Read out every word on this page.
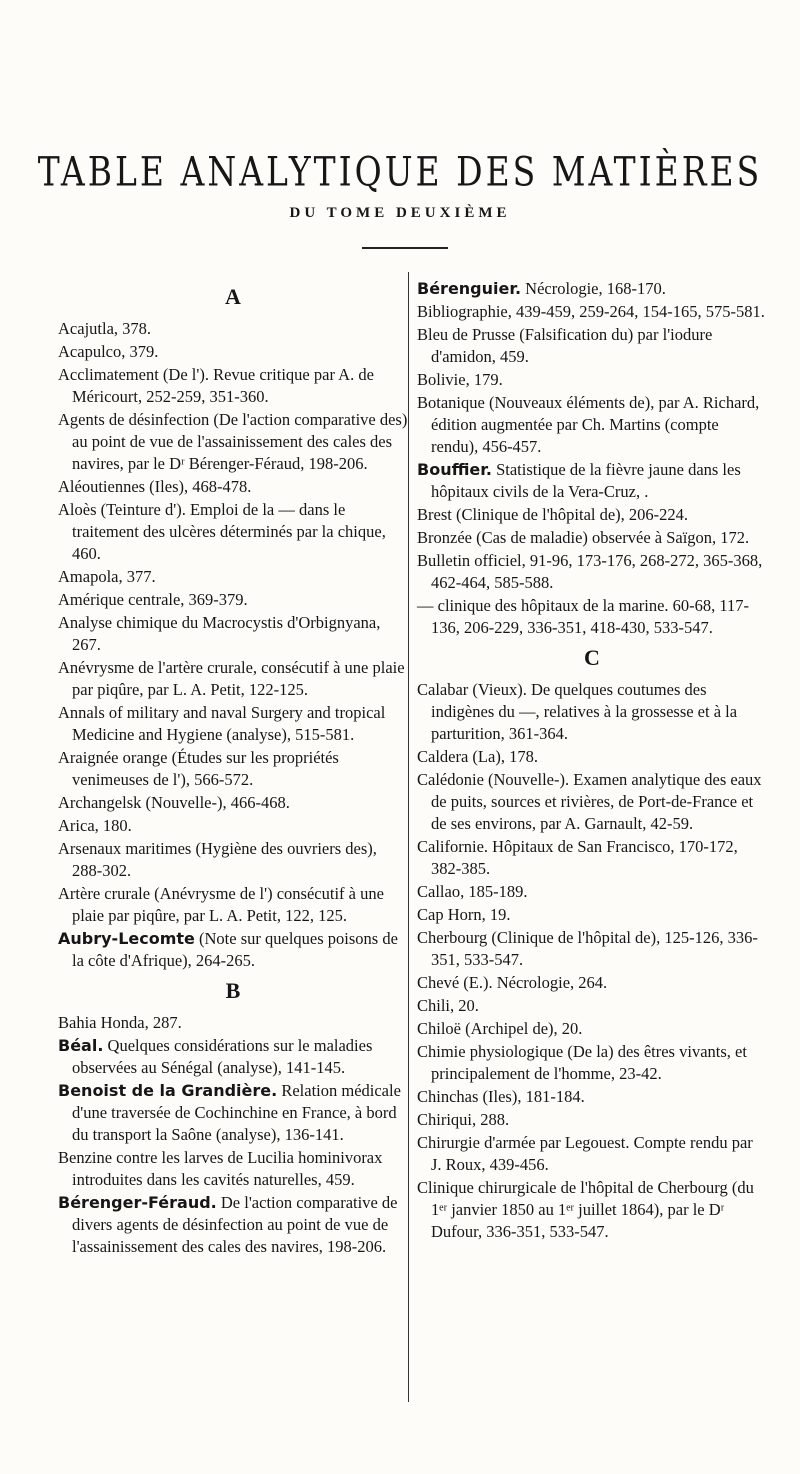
TABLE ANALYTIQUE DES MATIÈRES
DU TOME DEUXIÈME
A
Acajutla, 378.
Acapulco, 379.
Acclimatement (De l'). Revue critique par A. de Méricourt, 252-259, 351-360.
Agents de désinfection (De l'action comparative des) au point de vue de l'assainissement des cales des navires, par le Dʳ Bérenger-Féraud, 198-206.
Aléoutiennes (Iles), 468-478.
Aloès (Teinture d'). Emploi de la — dans le traitement des ulcères déterminés par la chique, 460.
Amapola, 377.
Amérique centrale, 369-379.
Analyse chimique du Macrocystis d'Orbignyana, 267.
Anévrysme de l'artère crurale, consécutif à une plaie par piqûre, par L. A. Petit, 122-125.
Annals of military and naval Surgery and tropical Medicine and Hygiene (analyse), 515-581.
Araignée orange (Études sur les propriétés venimeuses de l'), 566-572.
Archangelsk (Nouvelle-), 466-468.
Arica, 180.
Arsenaux maritimes (Hygiène des ouvriers des), 288-302.
Artère crurale (Anévrysme de l') consécutif à une plaie par piqûre, par L. A. Petit, 122, 125.
Aubry-Lecomte (Note sur quelques poisons de la côte d'Afrique), 264-265.
B
Bahia Honda, 287.
Béal. Quelques considérations sur le maladies observées au Sénégal (analyse), 141-145.
Benoist de la Grandière. Relation médicale d'une traversée de Cochinchine en France, à bord du transport la Saône (analyse), 136-141.
Benzine contre les larves de Lucilia hominivorax introduites dans les cavités naturelles, 459.
Bérenger-Féraud. De l'action comparative de divers agents de désinfection au point de vue de l'assainissement des cales des navires, 198-206.
Bérenguier. Nécrologie, 168-170.
Bibliographie, 439-459, 259-264, 154-165, 575-581.
Bleu de Prusse (Falsification du) par l'iodure d'amidon, 459.
Bolivie, 179.
Botanique (Nouveaux éléments de), par A. Richard, édition augmentée par Ch. Martins (compte rendu), 456-457.
Bouffier. Statistique de la fièvre jaune dans les hôpitaux civils de la Vera-Cruz, .
Brest (Clinique de l'hôpital de), 206-224.
Bronzée (Cas de maladie) observée à Saïgon, 172.
Bulletin officiel, 91-96, 173-176, 268-272, 365-368, 462-464, 585-588.
— clinique des hôpitaux de la marine. 60-68, 117-136, 206-229, 336-351, 418-430, 533-547.
C
Calabar (Vieux). De quelques coutumes des indigènes du —, relatives à la grossesse et à la parturition, 361-364.
Caldera (La), 178.
Calédonie (Nouvelle-). Examen analytique des eaux de puits, sources et rivières, de Port-de-France et de ses environs, par A. Garnault, 42-59.
Californie. Hôpitaux de San Francisco, 170-172, 382-385.
Callao, 185-189.
Cap Horn, 19.
Cherbourg (Clinique de l'hôpital de), 125-126, 336-351, 533-547.
Chevé (E.). Nécrologie, 264.
Chili, 20.
Chiloë (Archipel de), 20.
Chimie physiologique (De la) des êtres vivants, et principalement de l'homme, 23-42.
Chinchas (Iles), 181-184.
Chiriqui, 288.
Chirurgie d'armée par Legouest. Compte rendu par J. Roux, 439-456.
Clinique chirurgicale de l'hôpital de Cherbourg (du 1ᵉʳ janvier 1850 au 1ᵉʳ juillet 1864), par le Dʳ Dufour, 336-351, 533-547.
